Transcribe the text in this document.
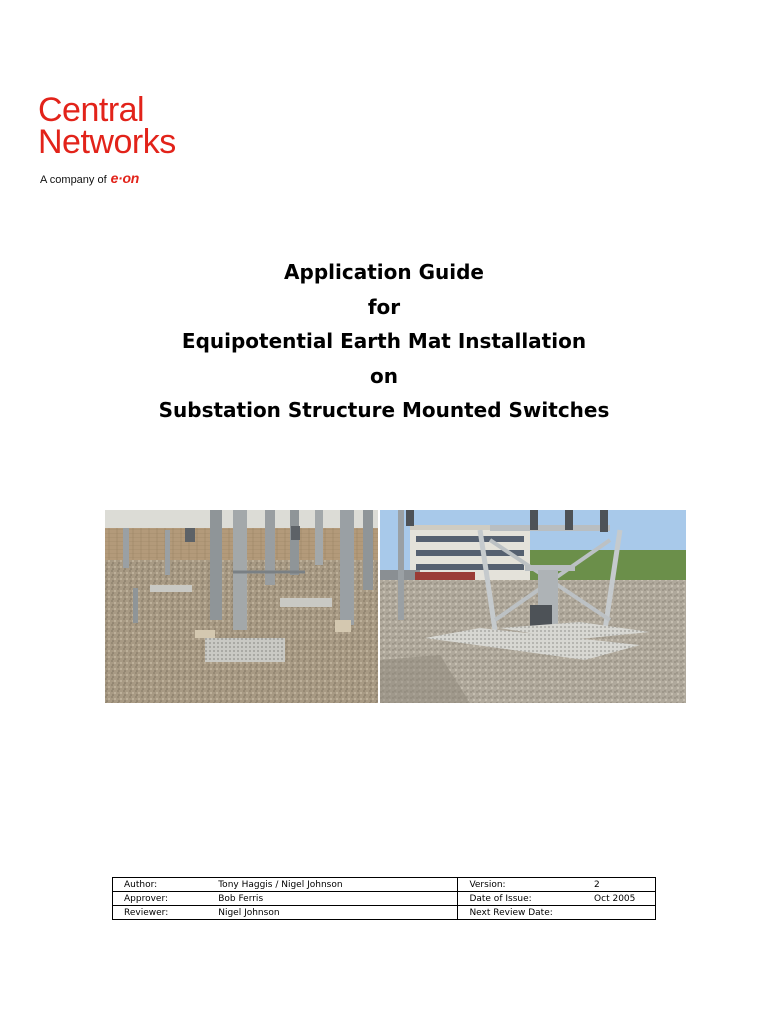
Central
Networks
A company of e·on
Application Guide
for
Equipotential Earth Mat Installation
on
Substation Structure Mounted Switches
Author:	Tony Haggis / Nigel Johnson	Version:	2
Approver:	Bob Ferris	Date of Issue:	Oct 2005
Reviewer:	Nigel Johnson	Next Review Date:	
